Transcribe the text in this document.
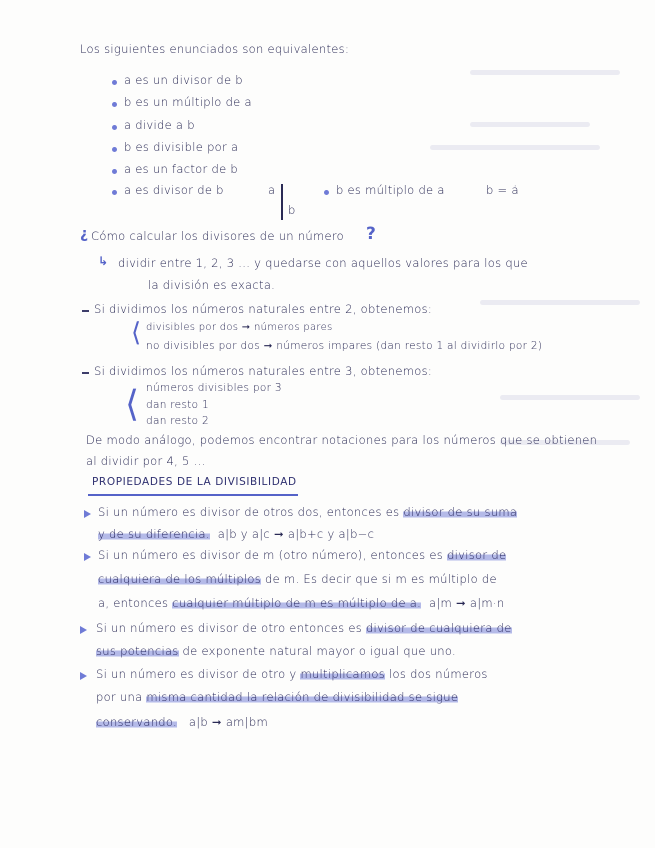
Los siguientes enunciados son equivalentes:

a es un divisor de b

b es un múltiplo de a

a divide a b

b es divisible por a

a es un factor de b

a es divisor de b	a

b

b es múltiplo de a	b = ȧ

¿ Cómo calcular los divisores de un número ?

↳ dividir entre 1, 2, 3 ... y quedarse con aquellos valores para los que

la división es exacta.

Si dividimos los números naturales entre 2, obtenemos:

⟨ divisibles por dos ➞ números pares

no divisibles por dos ➞ números impares (dan resto 1 al dividirlo por 2)

Si dividimos los números naturales entre 3, obtenemos:

⟨ números divisibles por 3

dan resto 1

dan resto 2

De modo análogo, podemos encontrar notaciones para los números que se obtienen

al dividir por 4, 5 ...

PROPIEDADES DE LA DIVISIBILIDAD

Si un número es divisor de otros dos, entonces es divisor de su suma

y de su diferencia. a|b y a|c ➞ a|b+c y a|b−c

Si un número es divisor de m (otro número), entonces es divisor de

cualquiera de los múltiplos de m. Es decir que si m es múltiplo de

a, entonces cualquier múltiplo de m es múltiplo de a. a|m ➞ a|m·n

Si un número es divisor de otro entonces es divisor de cualquiera de

sus potencias de exponente natural mayor o igual que uno.

Si un número es divisor de otro y multiplicamos los dos números

por una misma cantidad la relación de divisibilidad se sigue

conservando. a|b ➞ am|bm
